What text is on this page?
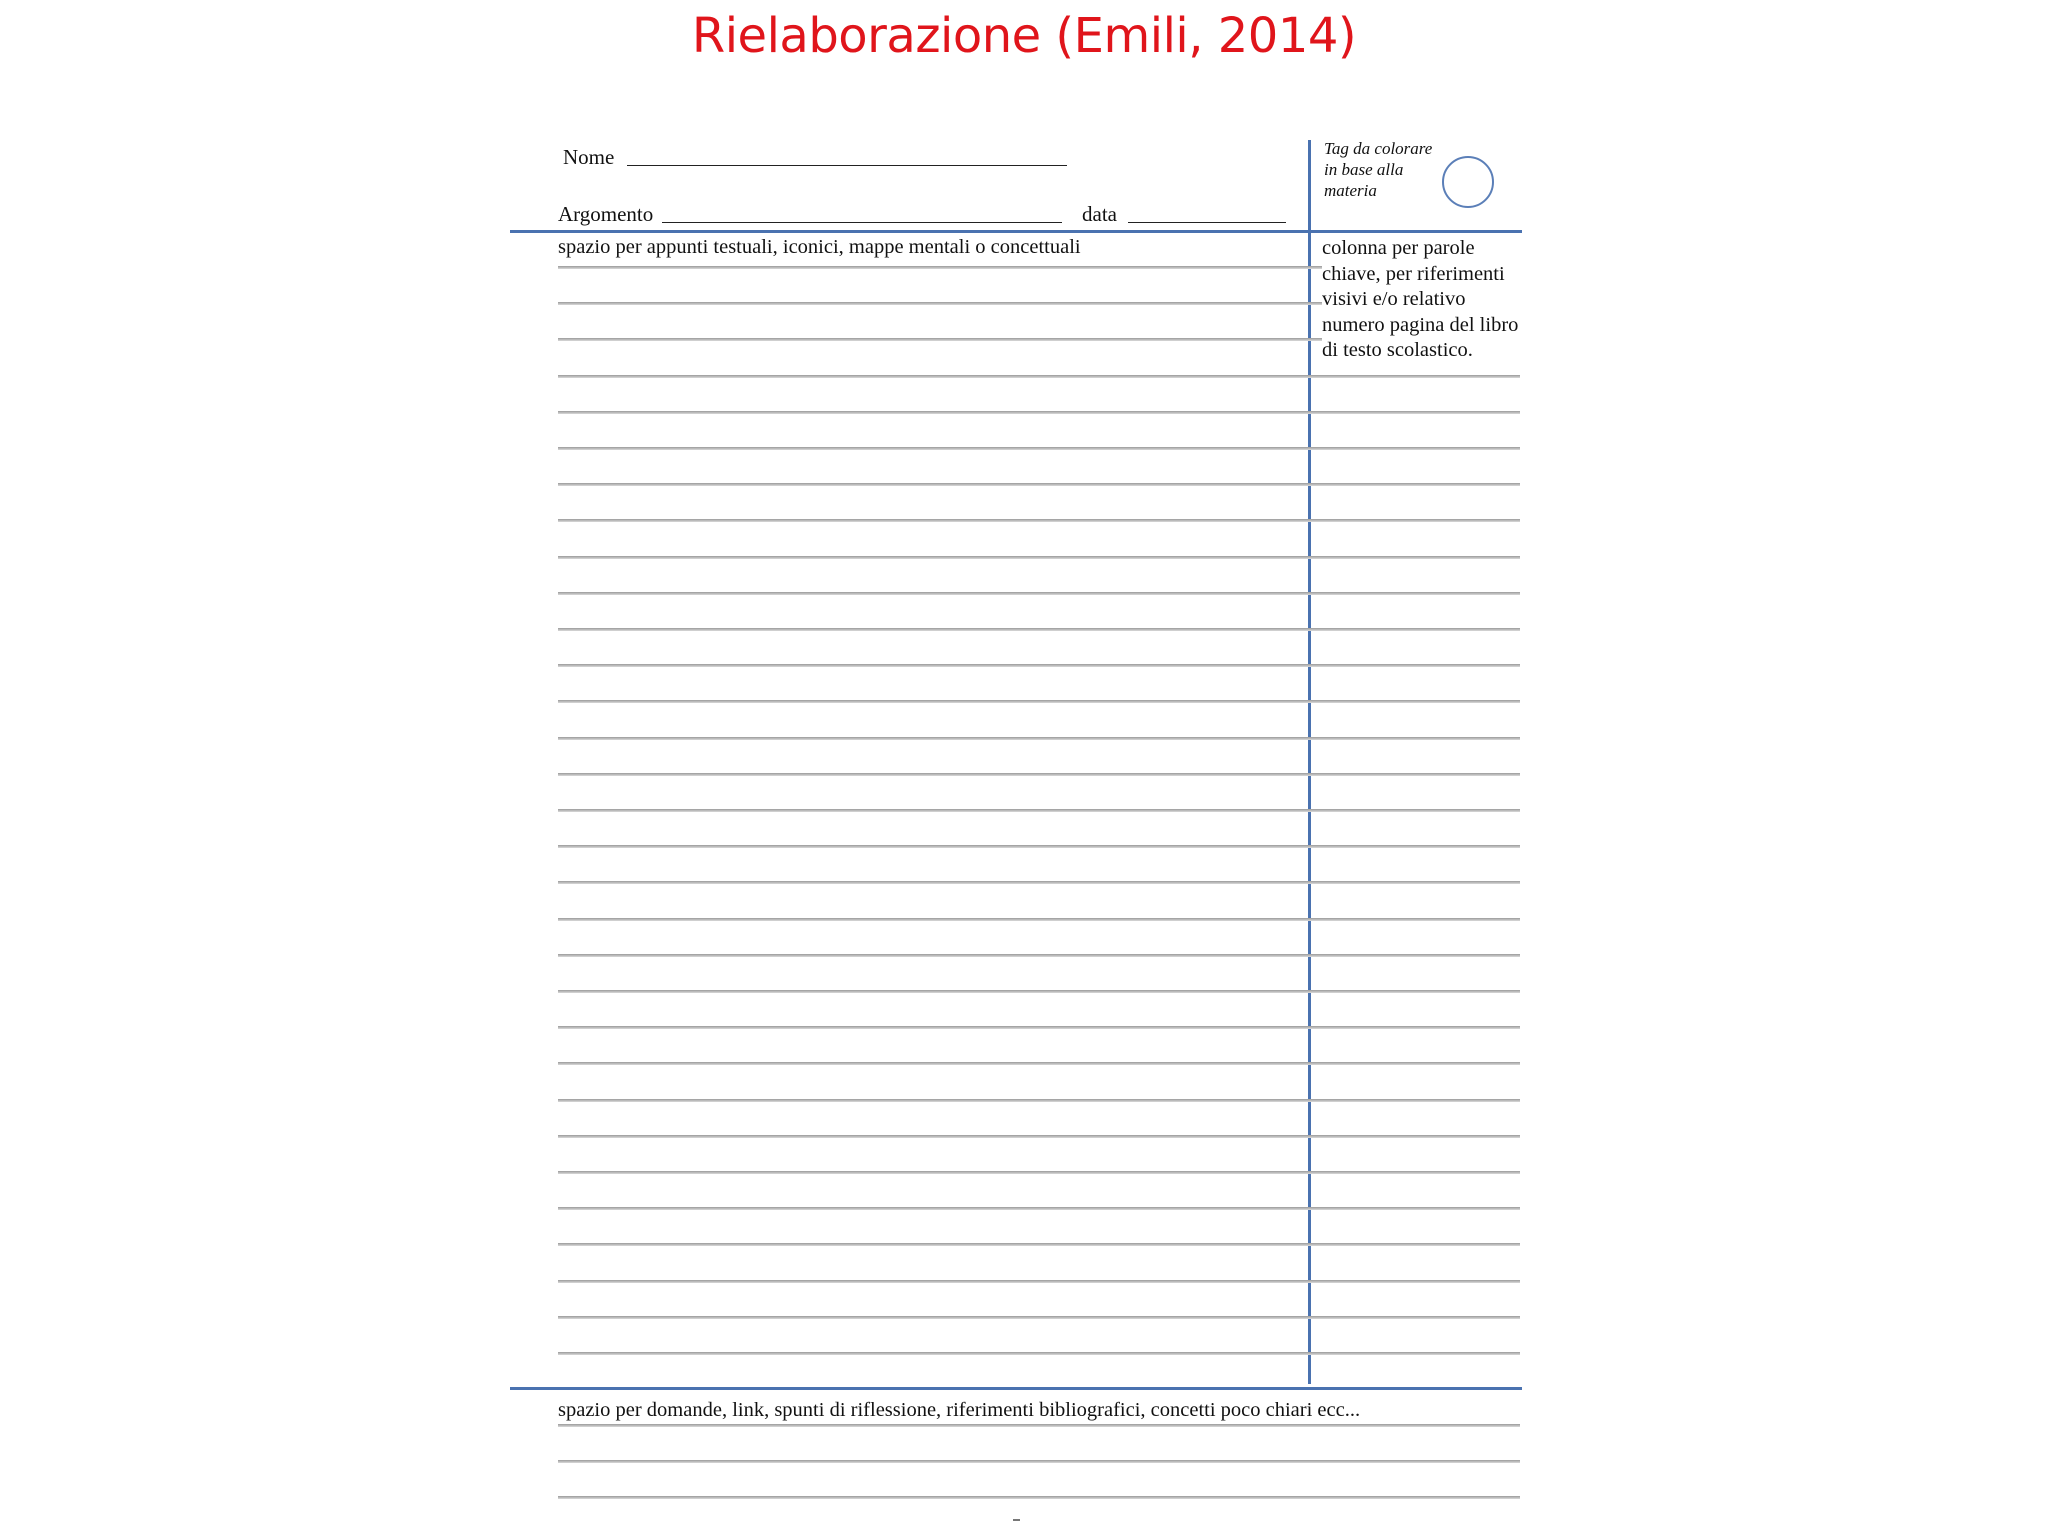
Rielaborazione (Emili, 2014)
Nome
Argomento	data
Tag da colorare in base alla materia
spazio per appunti testuali, iconici, mappe mentali o concettuali	colonna per parole chiave, per riferimenti visivi e/o relativo numero pagina del libro di testo scolastico.
spazio per domande, link, spunti di riflessione, riferimenti bibliografici, concetti poco chiari ecc...
